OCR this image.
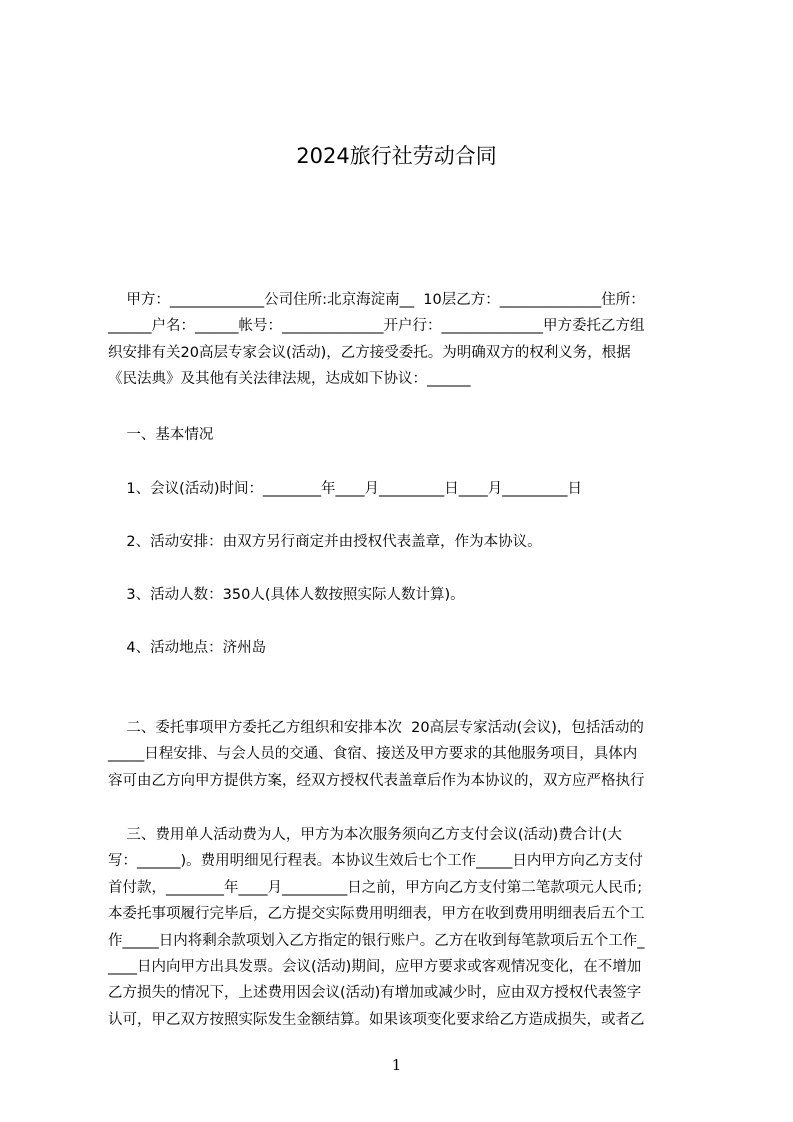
2024旅行社劳动合同
甲方：_____________公司住所:北京海淀南__  10层乙方：______________住所：
______户名：______帐号：______________开户行：______________甲方委托乙方组
织安排有关20高层专家会议(活动)，乙方接受委托。为明确双方的权利义务，根据
《民法典》及其他有关法律法规，达成如下协议：______
一、基本情况
1、会议(活动)时间：________年____月_________日____月_________日
2、活动安排：由双方另行商定并由授权代表盖章，作为本协议。
3、活动人数：350人(具体人数按照实际人数计算)。
4、活动地点：济州岛
二、委托事项甲方委托乙方组织和安排本次  20高层专家活动(会议)，包括活动的
_____日程安排、与会人员的交通、食宿、接送及甲方要求的其他服务项目，具体内
容可由乙方向甲方提供方案，经双方授权代表盖章后作为本协议的，双方应严格执行
三、费用单人活动费为人，甲方为本次服务须向乙方支付会议(活动)费合计(大
写：______)。费用明细见行程表。本协议生效后七个工作_____日内甲方向乙方支付
首付款，________年____月_________日之前，甲方向乙方支付第二笔款项元人民币;
本委托事项履行完毕后，乙方提交实际费用明细表，甲方在收到费用明细表后五个工
作_____日内将剩余款项划入乙方指定的银行账户。乙方在收到每笔款项后五个工作_
____日内向甲方出具发票。会议(活动)期间，应甲方要求或客观情况变化，在不增加
乙方损失的情况下，上述费用因会议(活动)有增加或减少时，应由双方授权代表签字
认可，甲乙双方按照实际发生金额结算。如果该项变化要求给乙方造成损失，或者乙
1
